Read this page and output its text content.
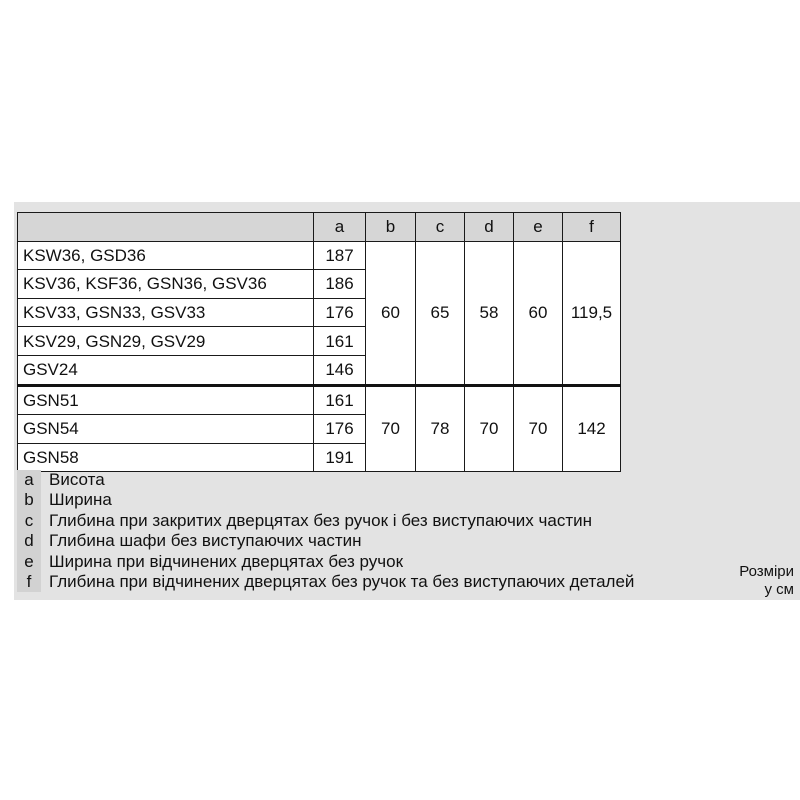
	a	b	c	d	e	f
KSW36, GSD36	187	60	65	58	60	119,5
KSV36, KSF36, GSN36, GSV36	186					
KSV33, GSN33, GSV33	176					
KSV29, GSN29, GSV29	161					
GSV24	146					
GSN51	161	70	78	70	70	142
GSN54	176					
GSN58	191					
a Висота
b Ширина
c Глибина при закритих дверцятах без ручок і без виступаючих частин
d Глибина шафи без виступаючих частин
e Ширина при відчинених дверцятах без ручок
f	Глибина при відчинених дверцятах без ручок та без виступаючих деталей
Розміри
у см
